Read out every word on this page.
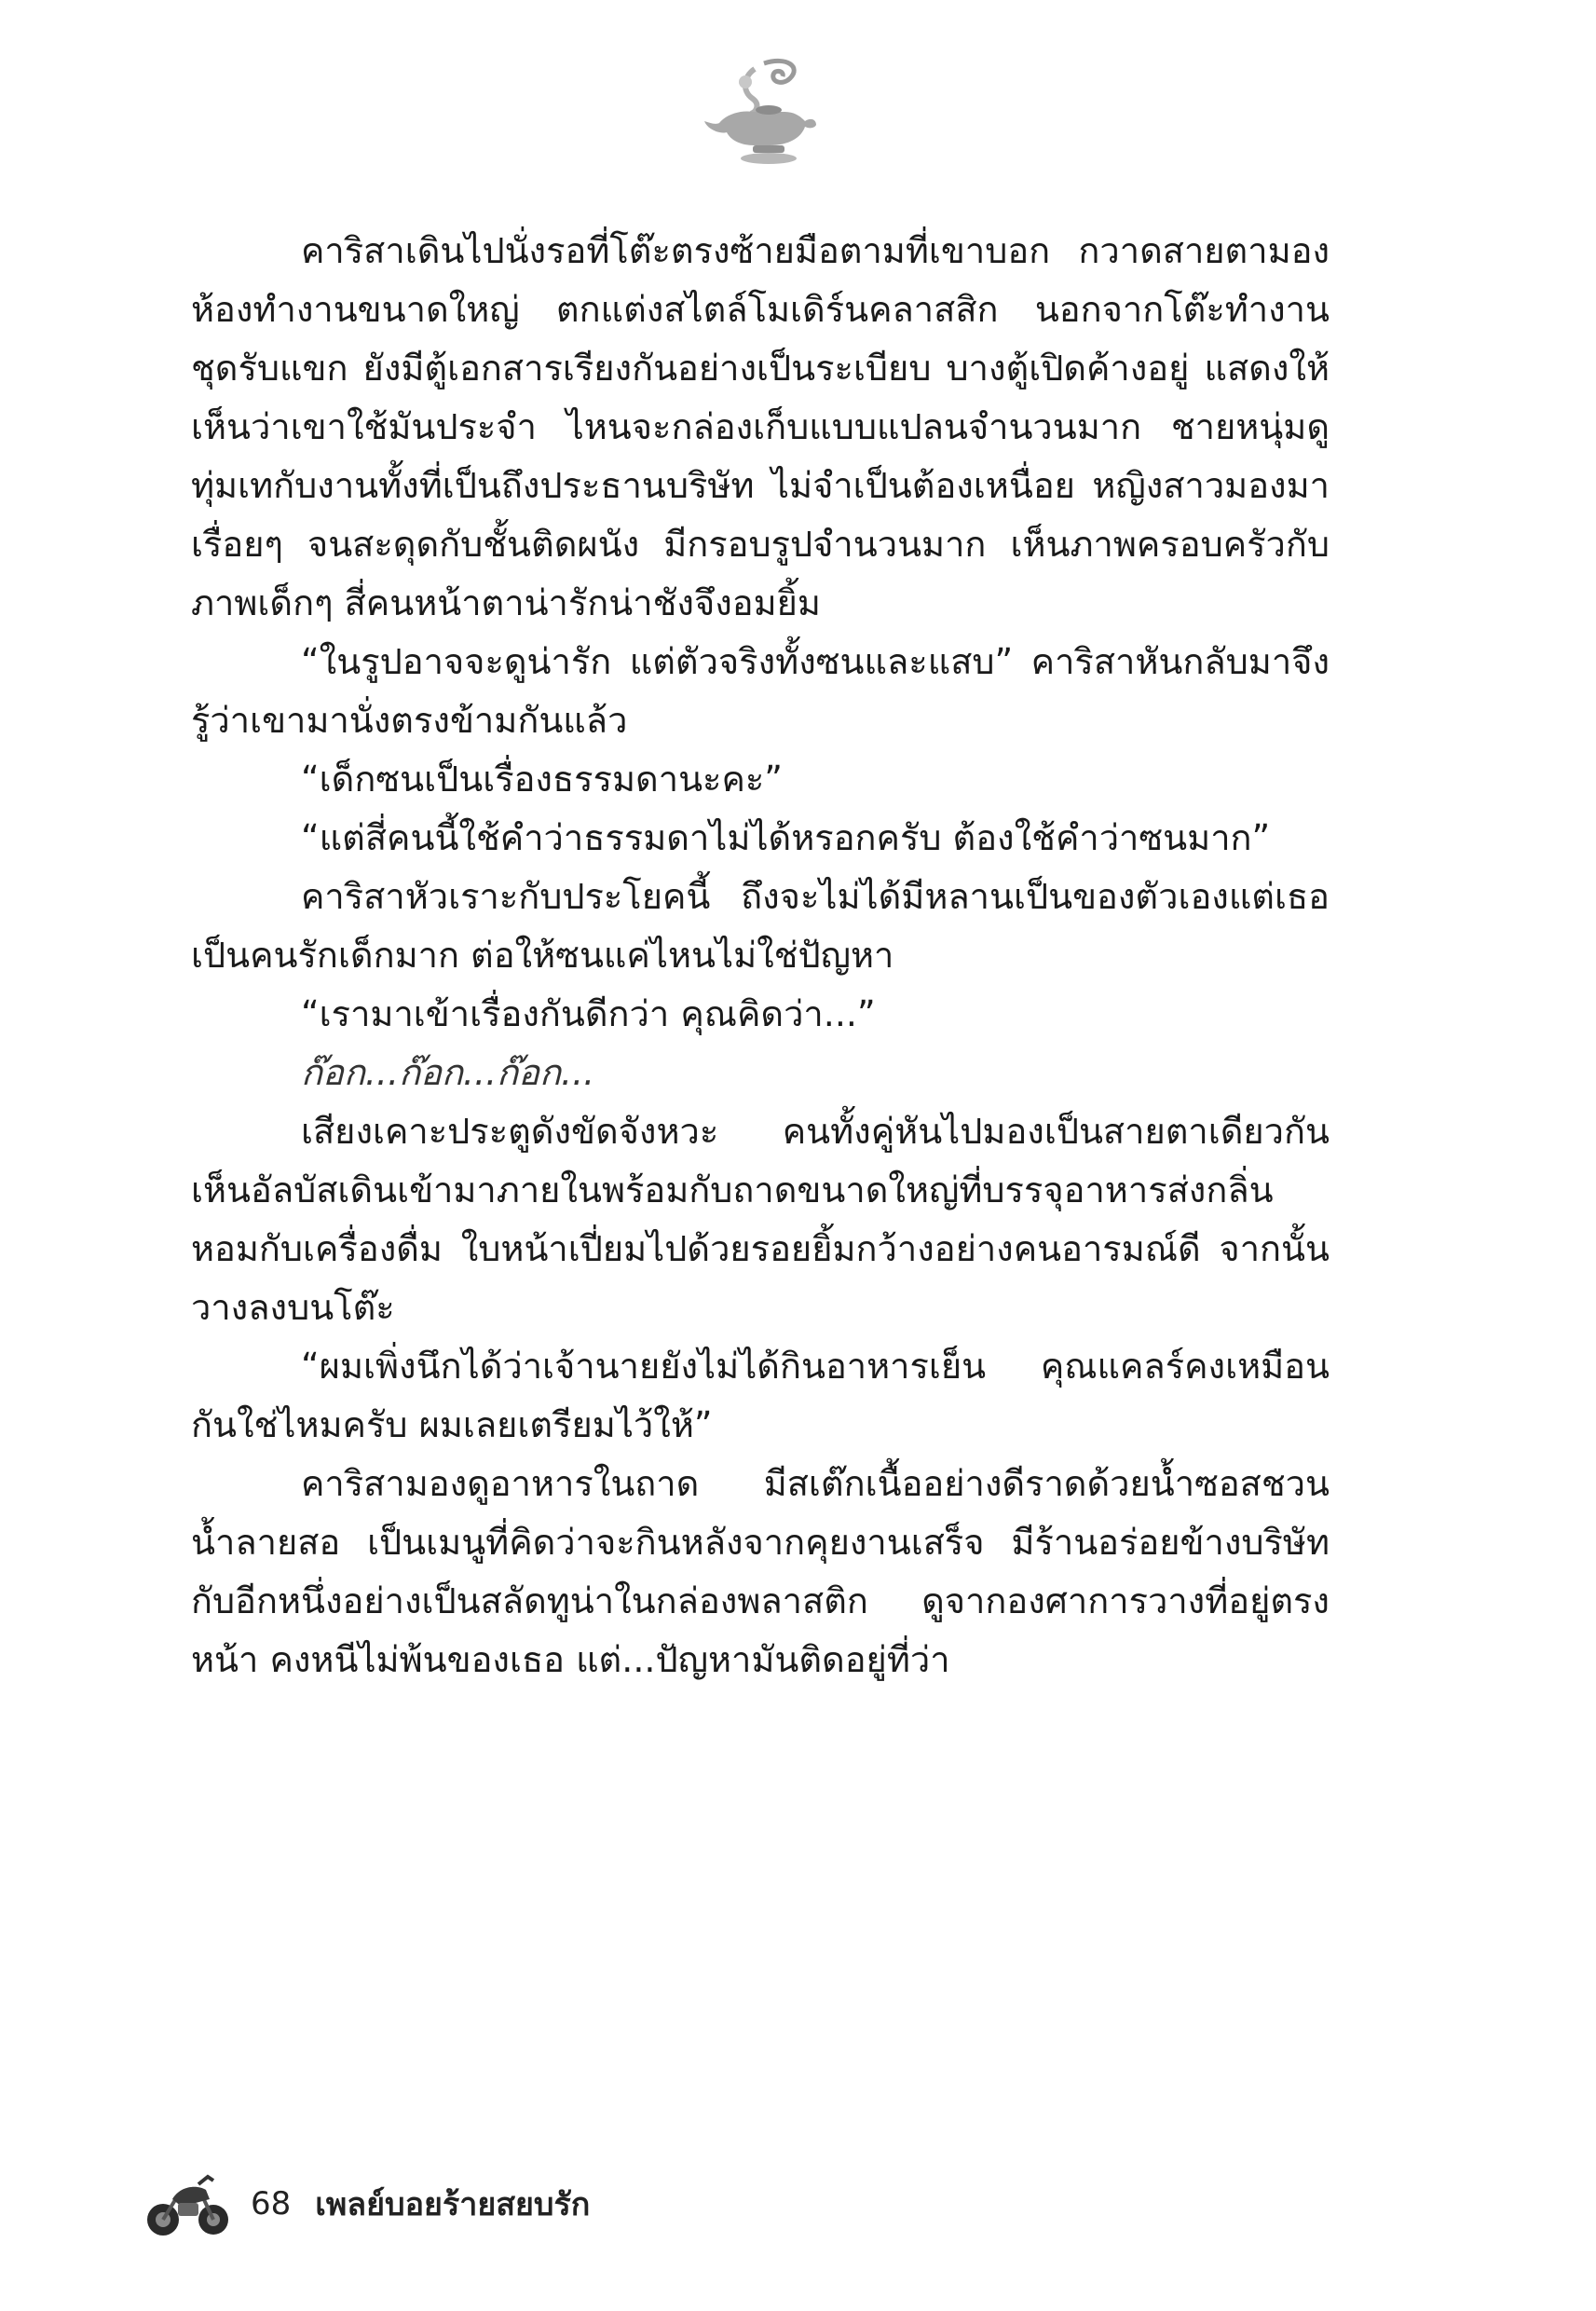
คาริสาเดินไปนั่งรอที่โต๊ะตรงซ้ายมือตามที่เขาบอก กวาดสายตามองห้องทำงานขนาดใหญ่ ตกแต่งสไตล์โมเดิร์นคลาสสิก นอกจากโต๊ะทำงาน ชุดรับแขก ยังมีตู้เอกสารเรียงกันอย่างเป็นระเบียบ บางตู้เปิดค้างอยู่ แสดงให้เห็นว่าเขาใช้มันประจำ ไหนจะกล่องเก็บแบบแปลนจำนวนมาก ชายหนุ่มดูทุ่มเทกับงานทั้งที่เป็นถึงประธานบริษัท ไม่จำเป็นต้องเหนื่อย หญิงสาวมองมาเรื่อยๆ จนสะดุดกับชั้นติดผนัง มีกรอบรูปจำนวนมาก เห็นภาพครอบครัวกับภาพเด็กๆ สี่คนหน้าตาน่ารักน่าชังจึงอมยิ้ม

“ในรูปอาจจะดูน่ารัก แต่ตัวจริงทั้งซนและแสบ” คาริสาหันกลับมาจึงรู้ว่าเขามานั่งตรงข้ามกันแล้ว

“เด็กซนเป็นเรื่องธรรมดานะคะ”

“แต่สี่คนนี้ใช้คำว่าธรรมดาไม่ได้หรอกครับ ต้องใช้คำว่าซนมาก”

คาริสาหัวเราะกับประโยคนี้ ถึงจะไม่ได้มีหลานเป็นของตัวเองแต่เธอเป็นคนรักเด็กมาก ต่อให้ซนแค่ไหนไม่ใช่ปัญหา

“เรามาเข้าเรื่องกันดีกว่า คุณคิดว่า...”

ก๊อก...ก๊อก...ก๊อก...

เสียงเคาะประตูดังขัดจังหวะ คนทั้งคู่หันไปมองเป็นสายตาเดียวกัน เห็นอัลบัสเดินเข้ามาภายในพร้อมกับถาดขนาดใหญ่ที่บรรจุอาหารส่งกลิ่นหอมกับเครื่องดื่ม ใบหน้าเปี่ยมไปด้วยรอยยิ้มกว้างอย่างคนอารมณ์ดี จากนั้นวางลงบนโต๊ะ

“ผมเพิ่งนึกได้ว่าเจ้านายยังไม่ได้กินอาหารเย็น คุณแคลร์คงเหมือนกันใช่ไหมครับ ผมเลยเตรียมไว้ให้”

คาริสามองดูอาหารในถาด มีสเต๊กเนื้ออย่างดีราดด้วยน้ำซอสชวนน้ำลายสอ เป็นเมนูที่คิดว่าจะกินหลังจากคุยงานเสร็จ มีร้านอร่อยข้างบริษัท กับอีกหนึ่งอย่างเป็นสลัดทูน่าในกล่องพลาสติก ดูจากองศาการวางที่อยู่ตรงหน้า คงหนีไม่พ้นของเธอ แต่...ปัญหามันติดอยู่ที่ว่า

68 เพลย์บอยร้ายสยบรัก
